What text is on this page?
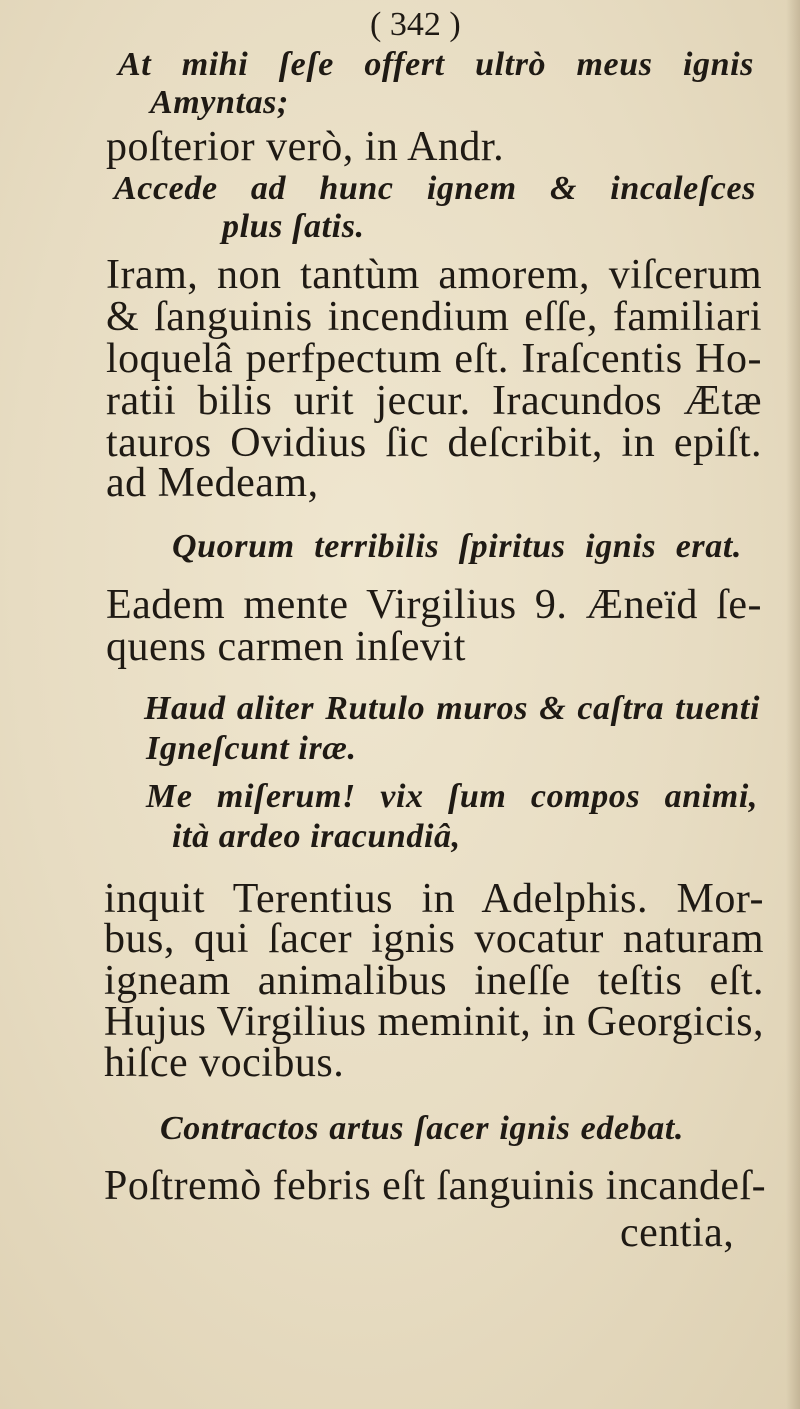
( 342 )
At mihi ſeſe offert ultrò meus ignis
Amyntas;
poſterior verò, in Andr.
Accede ad hunc ignem & incaleſces
plus ſatis.
Iram, non tantùm amorem, viſcerum
& ſanguinis incendium eſſe, familiari
loquelâ perfpectum eſt. Iraſcentis Ho-
ratii bilis urit jecur. Iracundos Ætæ
tauros Ovidius ſic deſcribit, in epiſt.
ad Medeam,
Quorum terribilis ſpiritus ignis erat.
Eadem mente Virgilius 9. Æneïd ſe-
quens carmen inſevit
Haud aliter Rutulo muros & caſtra tuenti
Igneſcunt iræ.
Me miſerum! vix ſum compos animi,
ità ardeo iracundiâ,
inquit Terentius in Adelphis. Mor-
bus, qui ſacer ignis vocatur naturam
igneam animalibus ineſſe teſtis eſt.
Hujus Virgilius meminit, in Georgicis,
hiſce vocibus.
Contractos artus ſacer ignis edebat.
Poſtremò febris eſt ſanguinis incandeſ-
centia,
